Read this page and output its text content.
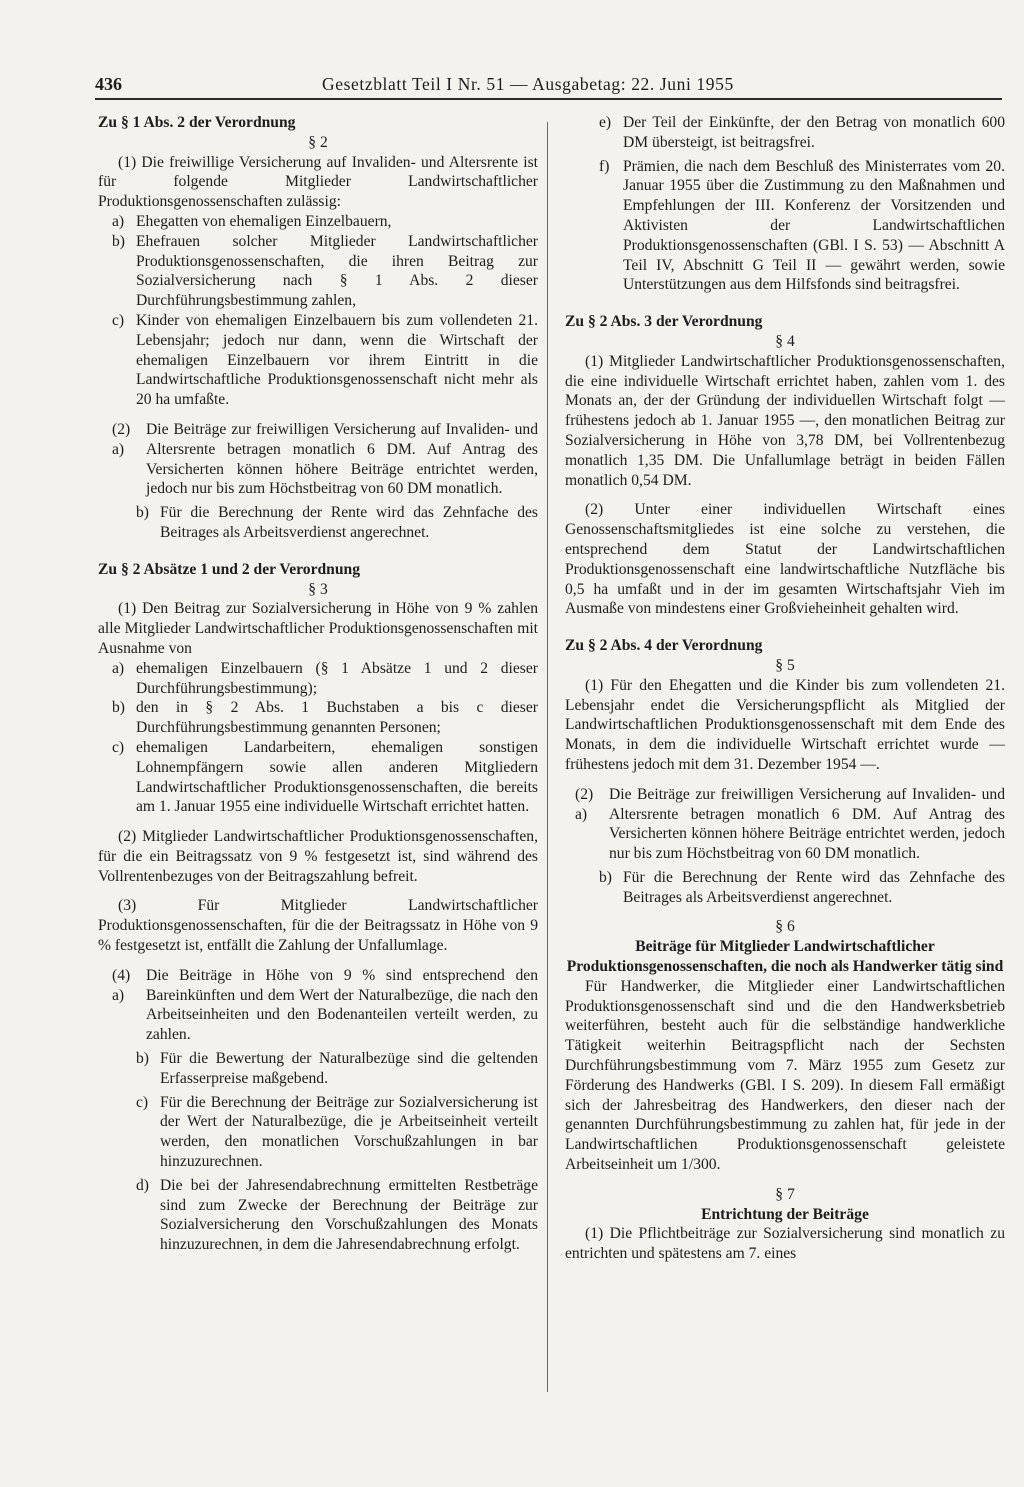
436	Gesetzblatt Teil I Nr. 51 — Ausgabetag: 22. Juni 1955

Zu § 1 Abs. 2 der Verordnung

§ 2

(1) Die freiwillige Versicherung auf Invaliden- und Altersrente ist für folgende Mitglieder Landwirtschaftlicher Produktionsgenossenschaften zulässig:

a) Ehegatten von ehemaligen Einzelbauern,
b) Ehefrauen solcher Mitglieder Landwirtschaftlicher Produktionsgenossenschaften, die ihren Beitrag zur Sozialversicherung nach § 1 Abs. 2 dieser Durchführungsbestimmung zahlen,
c) Kinder von ehemaligen Einzelbauern bis zum vollendeten 21. Lebensjahr; jedoch nur dann, wenn die Wirtschaft der ehemaligen Einzelbauern vor ihrem Eintritt in die Landwirtschaftliche Produktionsgenossenschaft nicht mehr als 20 ha umfaßte.
(2) a)
Die Beiträge zur freiwilligen Versicherung auf Invaliden- und Altersrente betragen monatlich 6 DM. Auf Antrag des Versicherten können höhere Beiträge entrichtet werden, jedoch nur bis zum Höchstbeitrag von 60 DM monatlich.
b) Für die Berechnung der Rente wird das Zehnfache des Beitrages als Arbeitsverdienst angerechnet.

Zu § 2 Absätze 1 und 2 der Verordnung

§ 3

(1) Den Beitrag zur Sozialversicherung in Höhe von 9 % zahlen alle Mitglieder Landwirtschaftlicher Produktionsgenossenschaften mit Ausnahme von

a) ehemaligen Einzelbauern (§ 1 Absätze 1 und 2 dieser Durchführungsbestimmung);
b) den in § 2 Abs. 1 Buchstaben a bis c dieser Durchführungsbestimmung genannten Personen;
c) ehemaligen Landarbeitern, ehemaligen sonstigen Lohnempfängern sowie allen anderen Mitgliedern Landwirtschaftlicher Produktionsgenossenschaften, die bereits am 1. Januar 1955 eine individuelle Wirtschaft errichtet hatten.

(2) Mitglieder Landwirtschaftlicher Produktionsgenossenschaften, für die ein Beitragssatz von 9 % festgesetzt ist, sind während des Vollrentenbezuges von der Beitragszahlung befreit.

(3) Für Mitglieder Landwirtschaftlicher Produktionsgenossenschaften, für die der Beitragssatz in Höhe von 9 % festgesetzt ist, entfällt die Zahlung der Unfallumlage.

(4) a)
Die Beiträge in Höhe von 9 % sind entsprechend den Bareinkünften und dem Wert der Naturalbezüge, die nach den Arbeitseinheiten und den Bodenanteilen verteilt werden, zu zahlen.
b) Für die Bewertung der Naturalbezüge sind die geltenden Erfasserpreise maßgebend.
c) Für die Berechnung der Beiträge zur Sozialversicherung ist der Wert der Naturalbezüge, die je Arbeitseinheit verteilt werden, den monatlichen Vorschußzahlungen in bar hinzuzurechnen.
d) Die bei der Jahresendabrechnung ermittelten Restbeträge sind zum Zwecke der Berechnung der Beiträge zur Sozialversicherung den Vorschußzahlungen des Monats hinzuzurechnen, in dem die Jahresendabrechnung erfolgt.
e) Der Teil der Einkünfte, der den Betrag von monatlich 600 DM übersteigt, ist beitragsfrei.
f) Prämien, die nach dem Beschluß des Ministerrates vom 20. Januar 1955 über die Zustimmung zu den Maßnahmen und Empfehlungen der III. Konferenz der Vorsitzenden und Aktivisten der Landwirtschaftlichen Produktionsgenossenschaften (GBl. I S. 53) — Abschnitt A Teil IV, Abschnitt G Teil II — gewährt werden, sowie Unterstützungen aus dem Hilfsfonds sind beitragsfrei.

Zu § 2 Abs. 3 der Verordnung

§ 4

(1) Mitglieder Landwirtschaftlicher Produktionsgenossenschaften, die eine individuelle Wirtschaft errichtet haben, zahlen vom 1. des Monats an, der der Gründung der individuellen Wirtschaft folgt — frühestens jedoch ab 1. Januar 1955 —, den monatlichen Beitrag zur Sozialversicherung in Höhe von 3,78 DM, bei Vollrentenbezug monatlich 1,35 DM. Die Unfallumlage beträgt in beiden Fällen monatlich 0,54 DM.

(2) Unter einer individuellen Wirtschaft eines Genossenschaftsmitgliedes ist eine solche zu verstehen, die entsprechend dem Statut der Landwirtschaftlichen Produktionsgenossenschaft eine landwirtschaftliche Nutzfläche bis 0,5 ha umfaßt und in der im gesamten Wirtschaftsjahr Vieh im Ausmaße von mindestens einer Großvieheinheit gehalten wird.

Zu § 2 Abs. 4 der Verordnung

§ 5

(1) Für den Ehegatten und die Kinder bis zum vollendeten 21. Lebensjahr endet die Versicherungspflicht als Mitglied der Landwirtschaftlichen Produktionsgenossenschaft mit dem Ende des Monats, in dem die individuelle Wirtschaft errichtet wurde — frühestens jedoch mit dem 31. Dezember 1954 —.

(2) a)
Die Beiträge zur freiwilligen Versicherung auf Invaliden- und Altersrente betragen monatlich 6 DM. Auf Antrag des Versicherten können höhere Beiträge entrichtet werden, jedoch nur bis zum Höchstbeitrag von 60 DM monatlich.
b) Für die Berechnung der Rente wird das Zehnfache des Beitrages als Arbeitsverdienst angerechnet.

§ 6

Beiträge für Mitglieder Landwirtschaftlicher Produktionsgenossenschaften, die noch als Handwerker tätig sind

Für Handwerker, die Mitglieder einer Landwirtschaftlichen Produktionsgenossenschaft sind und die den Handwerksbetrieb weiterführen, besteht auch für die selbständige handwerkliche Tätigkeit weiterhin Beitragspflicht nach der Sechsten Durchführungsbestimmung vom 7. März 1955 zum Gesetz zur Förderung des Handwerks (GBl. I S. 209). In diesem Fall ermäßigt sich der Jahresbeitrag des Handwerkers, den dieser nach der genannten Durchführungsbestimmung zu zahlen hat, für jede in der Landwirtschaftlichen Produktionsgenossenschaft geleistete Arbeitseinheit um 1/300.

§ 7

Entrichtung der Beiträge

(1) Die Pflichtbeiträge zur Sozialversicherung sind monatlich zu entrichten und spätestens am 7. eines
